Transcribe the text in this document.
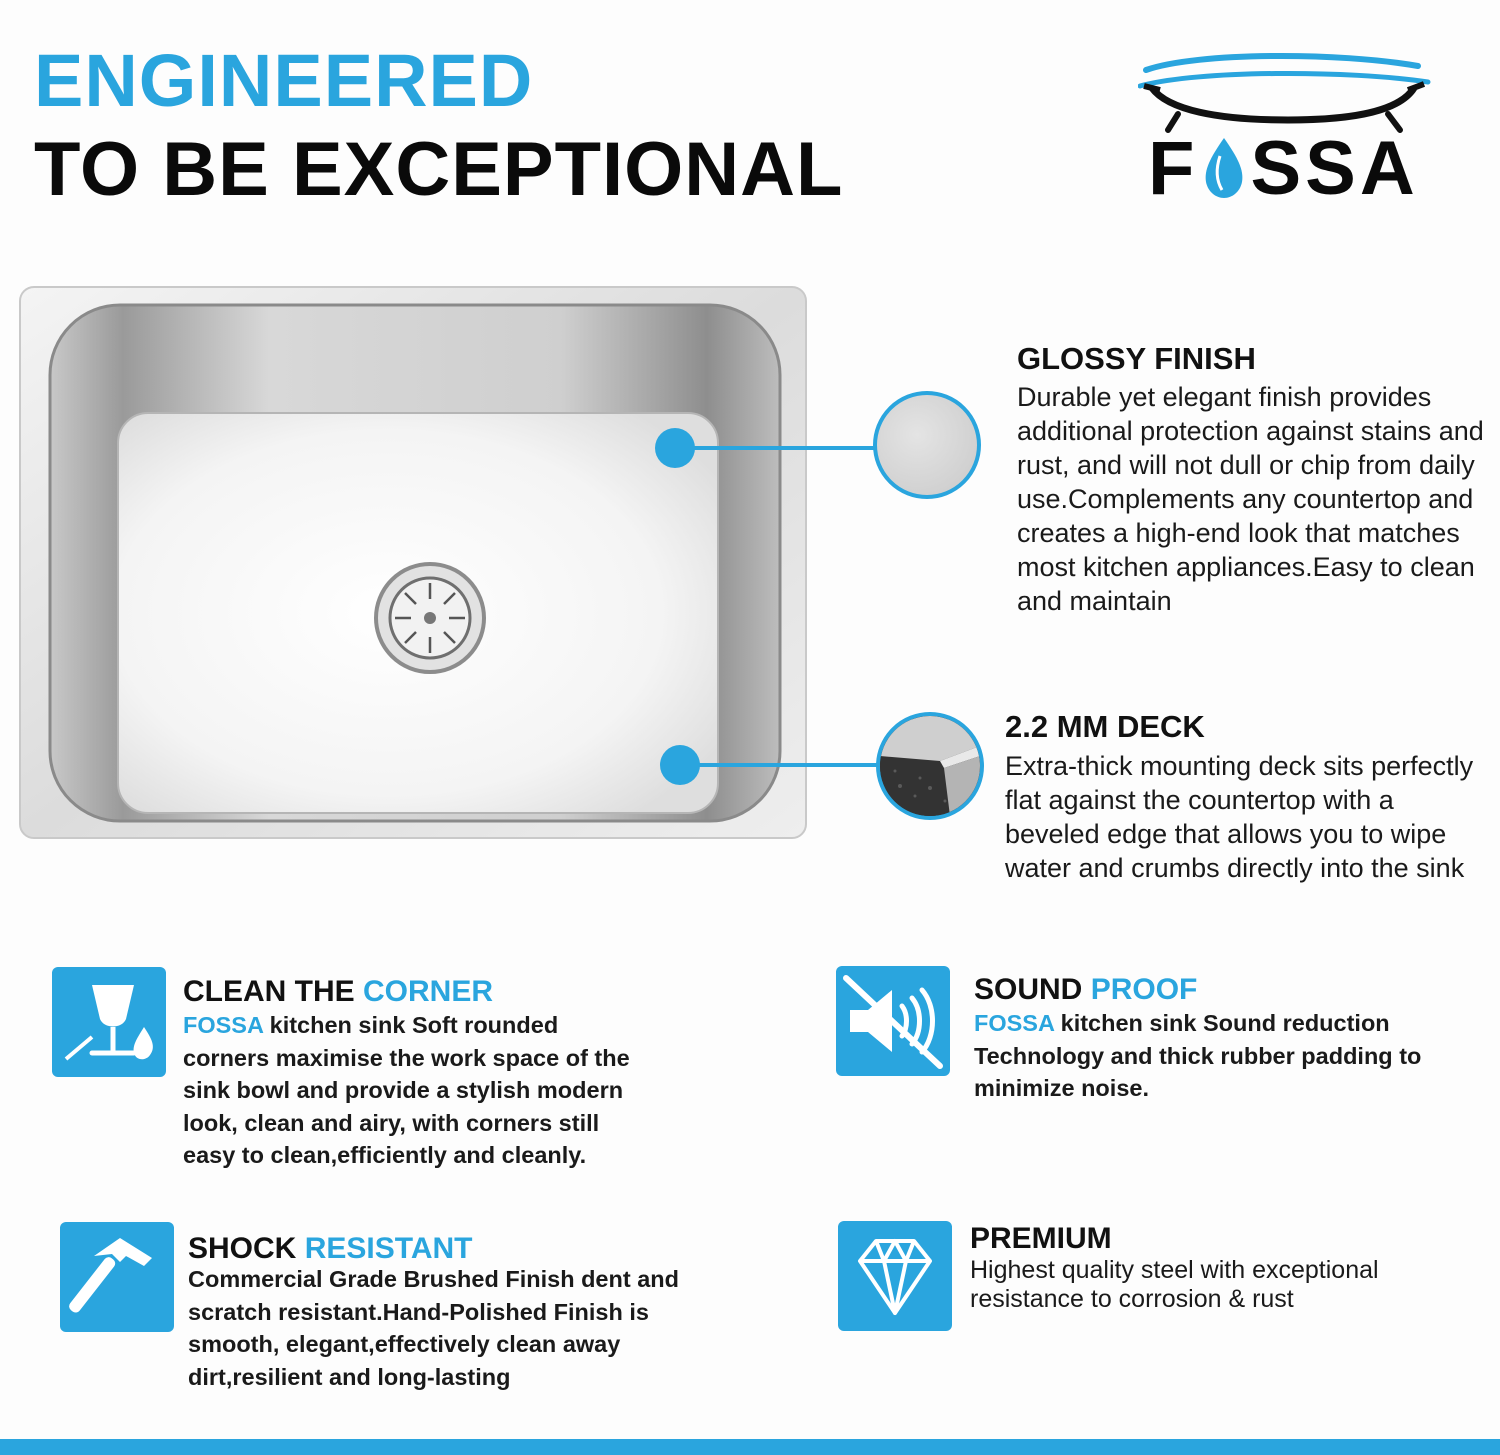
ENGINEERED
TO BE EXCEPTIONAL	F SSA
GLOSSY FINISH
Durable yet elegant finish provides additional protection against stains and rust, and will not dull or chip from daily use.Complements any countertop and creates a high-end look that matches most kitchen appliances.Easy to clean and maintain
2.2 MM DECK
Extra-thick mounting deck sits perfectly flat against the countertop with a beveled edge that allows you to wipe water and crumbs directly into the sink
CLEAN THE CORNER
FOSSA kitchen sink Soft rounded corners maximise the work space of the sink bowl and provide a stylish modern look, clean and airy, with corners still easy to clean,efficiently and cleanly.
SOUND PROOF
FOSSA kitchen sink Sound reduction Technology and thick rubber padding to minimize noise.
SHOCK RESISTANT
Commercial Grade Brushed Finish dent and scratch resistant.Hand-Polished Finish is smooth, elegant,effectively clean away dirt,resilient and long-lasting
PREMIUM
Highest quality steel with exceptional resistance to corrosion & rust
